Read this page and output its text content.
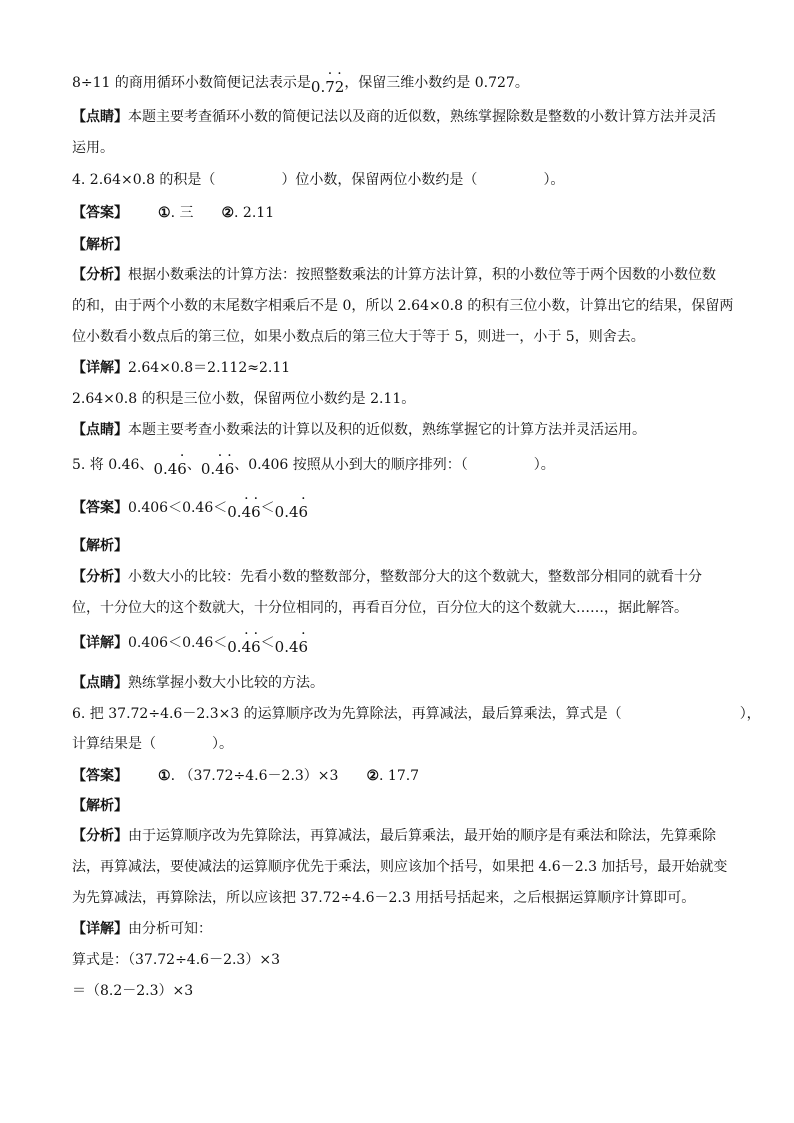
8÷11 的商用循环小数简便记法表示是0.· 7· 2，保留三维小数约是 0.727。
【点睛】本题主要考查循环小数的简便记法以及商的近似数，熟练掌握除数是整数的小数计算方法并灵活
运用。
4. 2.64×0.8 的积是（	）位小数，保留两位小数约是（	）。
【答案】 ①. 三 ②. 2.11
【解析】
【分析】根据小数乘法的计算方法：按照整数乘法的计算方法计算，积的小数位等于两个因数的小数位数
的和，由于两个小数的末尾数字相乘后不是 0，所以 2.64×0.8 的积有三位小数，计算出它的结果，保留两
位小数看小数点后的第三位，如果小数点后的第三位大于等于 5，则进一，小于 5，则舍去。
【详解】2.64×0.8＝2.112≈2.11
2.64×0.8 的积是三位小数，保留两位小数约是 2.11。
【点睛】本题主要考查小数乘法的计算以及积的近似数，熟练掌握它的计算方法并灵活运用。
5. 将 0.46、0.4· 6、0.· 4· 6、0.406 按照从小到大的顺序排列：（	）。
【答案】0.406＜0.46＜0.· 4· 6＜0.4· 6
【解析】
【分析】小数大小的比较：先看小数的整数部分，整数部分大的这个数就大，整数部分相同的就看十分
位，十分位大的这个数就大，十分位相同的，再看百分位，百分位大的这个数就大……，据此解答。
【详解】0.406＜0.46＜0.· 4· 6＜0.4· 6
【点睛】熟练掌握小数大小比较的方法。
6. 把 37.72÷4.6－2.3×3 的运算顺序改为先算除法，再算减法，最后算乘法，算式是（	），
计算结果是（	）。
【答案】 ①. （37.72÷4.6－2.3）×3 ②. 17.7
【解析】
【分析】由于运算顺序改为先算除法，再算减法，最后算乘法，最开始的顺序是有乘法和除法，先算乘除
法，再算减法，要使减法的运算顺序优先于乘法，则应该加个括号，如果把 4.6－2.3 加括号，最开始就变
为先算减法，再算除法，所以应该把 37.72÷4.6－2.3 用括号括起来，之后根据运算顺序计算即可。
【详解】由分析可知：
算式是：（37.72÷4.6－2.3）×3
＝（8.2－2.3）×3
